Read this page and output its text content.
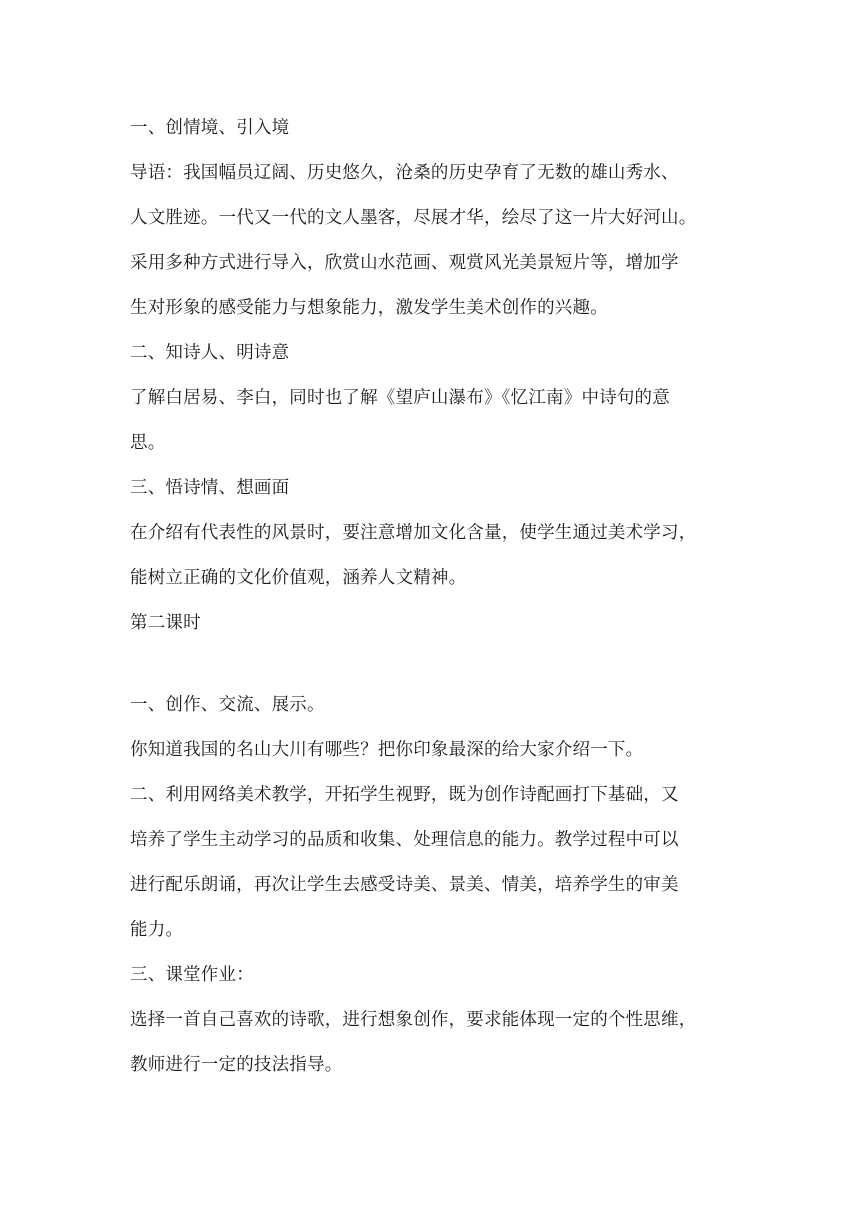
一、创情境、引入境
导语：我国幅员辽阔、历史悠久，沧桑的历史孕育了无数的雄山秀水、
人文胜迹。一代又一代的文人墨客，尽展才华，绘尽了这一片大好河山。
采用多种方式进行导入，欣赏山水范画、观赏风光美景短片等，增加学
生对形象的感受能力与想象能力，激发学生美术创作的兴趣。
二、知诗人、明诗意
了解白居易、李白，同时也了解《望庐山瀑布》《忆江南》中诗句的意
思。
三、悟诗情、想画面
在介绍有代表性的风景时，要注意增加文化含量，使学生通过美术学习，
能树立正确的文化价值观，涵养人文精神。
第二课时
一、创作、交流、展示。
你知道我国的名山大川有哪些？把你印象最深的给大家介绍一下。
二、利用网络美术教学，开拓学生视野，既为创作诗配画打下基础，又
培养了学生主动学习的品质和收集、处理信息的能力。教学过程中可以
进行配乐朗诵，再次让学生去感受诗美、景美、情美，培养学生的审美
能力。
三、课堂作业：
选择一首自己喜欢的诗歌，进行想象创作，要求能体现一定的个性思维，
教师进行一定的技法指导。
